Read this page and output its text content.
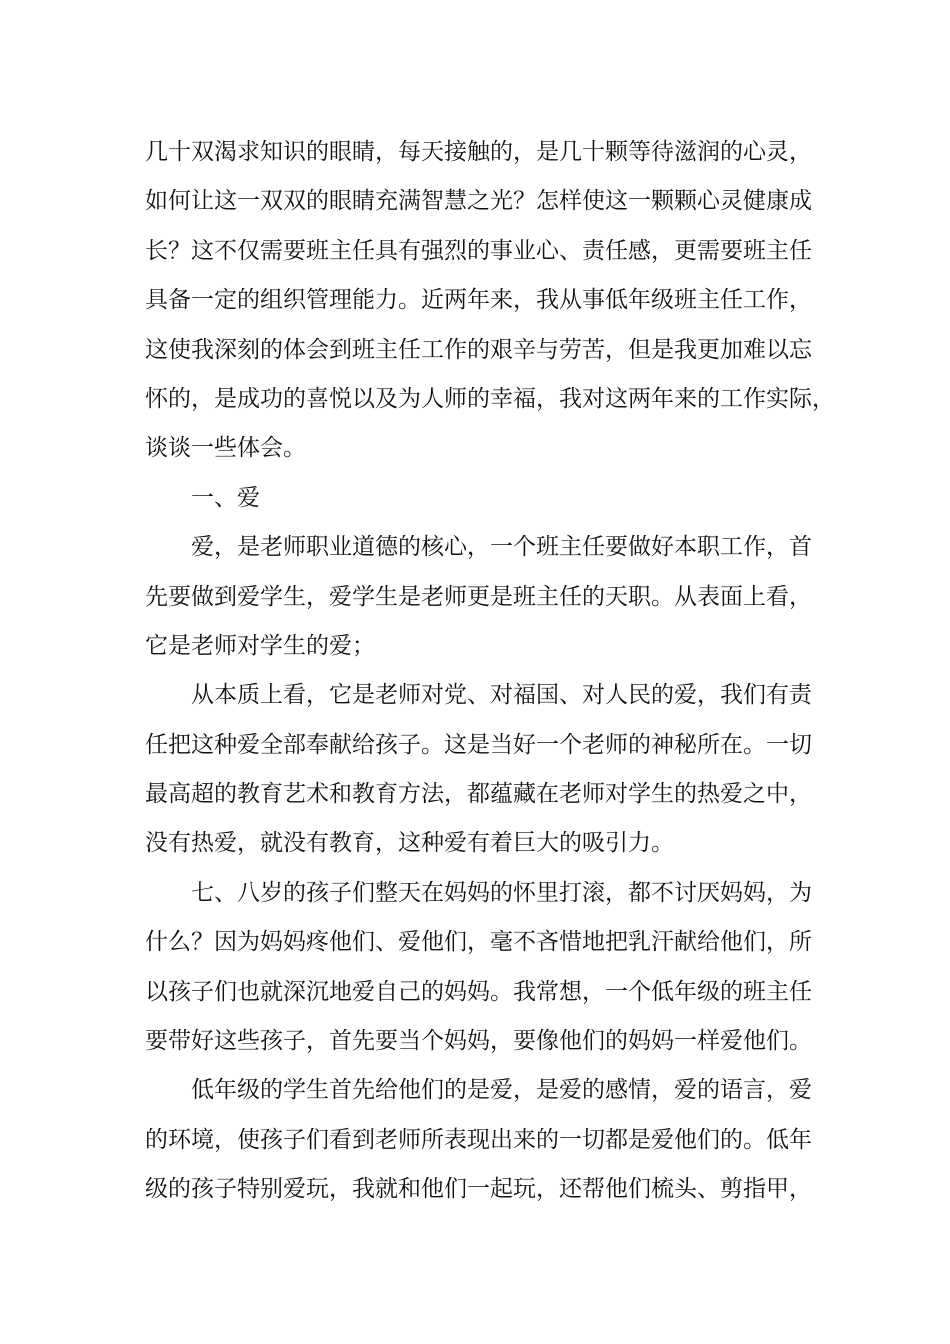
几十双渴求知识的眼睛，每天接触的，是几十颗等待滋润的心灵，
如何让这一双双的眼睛充满智慧之光？怎样使这一颗颗心灵健康成
长？这不仅需要班主任具有强烈的事业心、责任感，更需要班主任
具备一定的组织管理能力。近两年来，我从事低年级班主任工作，
这使我深刻的体会到班主任工作的艰辛与劳苦，但是我更加难以忘
怀的，是成功的喜悦以及为人师的幸福，我对这两年来的工作实际，
谈谈一些体会。
一、爱
爱，是老师职业道德的核心，一个班主任要做好本职工作，首
先要做到爱学生，爱学生是老师更是班主任的天职。从表面上看，
它是老师对学生的爱；
从本质上看，它是老师对党、对福国、对人民的爱，我们有责
任把这种爱全部奉献给孩子。这是当好一个老师的神秘所在。一切
最高超的教育艺术和教育方法，都蕴藏在老师对学生的热爱之中，
没有热爱，就没有教育，这种爱有着巨大的吸引力。
七、八岁的孩子们整天在妈妈的怀里打滚，都不讨厌妈妈，为
什么？因为妈妈疼他们、爱他们，毫不吝惜地把乳汗献给他们，所
以孩子们也就深沉地爱自己的妈妈。我常想，一个低年级的班主任
要带好这些孩子，首先要当个妈妈，要像他们的妈妈一样爱他们。
低年级的学生首先给他们的是爱，是爱的感情，爱的语言，爱
的环境，使孩子们看到老师所表现出来的一切都是爱他们的。低年
级的孩子特别爱玩，我就和他们一起玩，还帮他们梳头、剪指甲，
